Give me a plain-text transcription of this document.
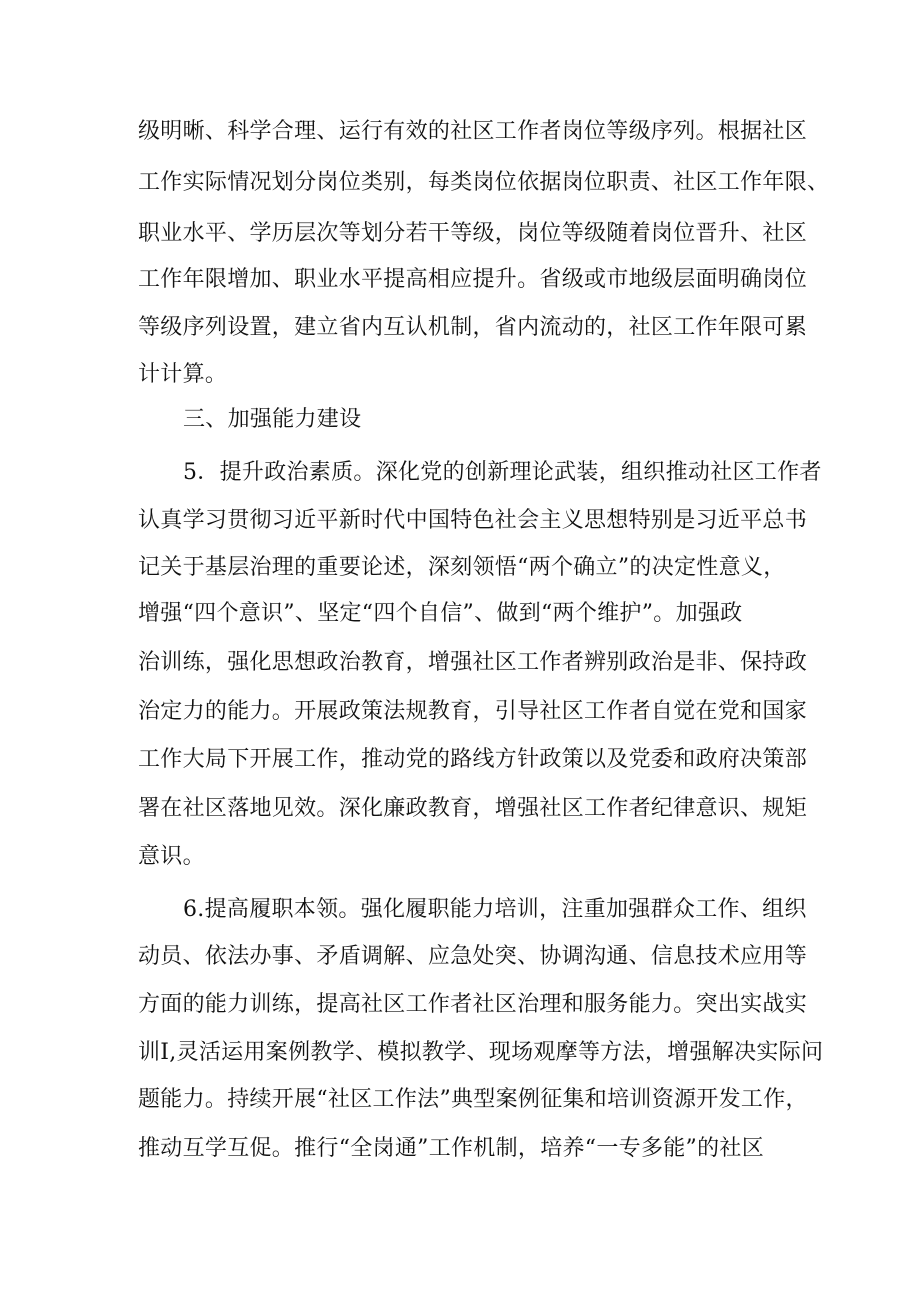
级明晰、科学合理、运行有效的社区工作者岗位等级序列。根据社区
工作实际情况划分岗位类别，每类岗位依据岗位职责、社区工作年限、
职业水平、学历层次等划分若干等级，岗位等级随着岗位晋升、社区
工作年限增加、职业水平提高相应提升。省级或市地级层面明确岗位
等级序列设置，建立省内互认机制，省内流动的，社区工作年限可累
计计算。
三、加强能力建设
5．提升政治素质。深化党的创新理论武装，组织推动社区工作者
认真学习贯彻习近平新时代中国特色社会主义思想特别是习近平总书
记关于基层治理的重要论述，深刻领悟“两个确立”的决定性意义，
增强“四个意识”、坚定“四个自信”、做到“两个维护”。加强政
治训练，强化思想政治教育，增强社区工作者辨别政治是非、保持政
治定力的能力。开展政策法规教育，引导社区工作者自觉在党和国家
工作大局下开展工作，推动党的路线方针政策以及党委和政府决策部
署在社区落地见效。深化廉政教育，增强社区工作者纪律意识、规矩
意识。
6.提高履职本领。强化履职能力培训，注重加强群众工作、组织
动员、依法办事、矛盾调解、应急处突、协调沟通、信息技术应用等
方面的能力训练，提高社区工作者社区治理和服务能力。突出实战实
训I,灵活运用案例教学、模拟教学、现场观摩等方法，增强解决实际问
题能力。持续开展“社区工作法”典型案例征集和培训资源开发工作，
推动互学互促。推行“全岗通”工作机制，培养“一专多能”的社区
